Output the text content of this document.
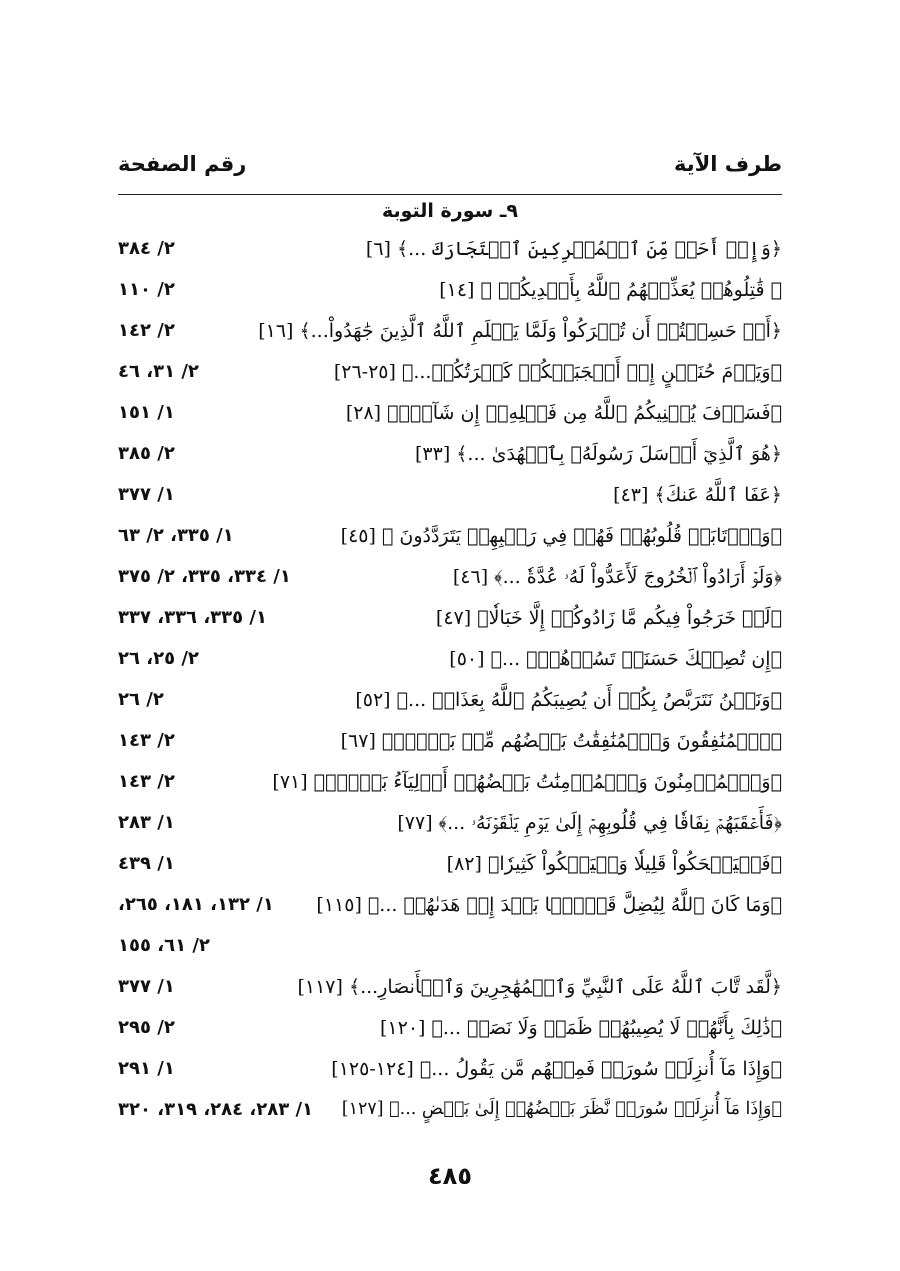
طرف الآية
رقم الصفحة
٩ـ سورة التوبة
﴿وَإِنۡ أَحَدٞ مِّنَ ٱلۡمُشۡرِكِينَ ٱسۡتَجَارَكَ ...﴾ [٦]
٢/ ٣٨٤
﴿ قَٰتِلُوهُمۡ يُعَذِّبۡهُمُ ٱللَّهُ بِأَيۡدِيكُمۡ ﴾ [١٤]
٢/ ١١٠
﴿أَمۡ حَسِبۡتُمۡ أَن تُتۡرَكُواْ وَلَمَّا يَعۡلَمِ ٱللَّهُ ٱلَّذِينَ جَٰهَدُواْ...﴾ [١٦]
٢/ ١٤٢
﴿وَيَوۡمَ حُنَيۡنٍ إِذۡ أَعۡجَبَتۡكُمۡ كَثۡرَتُكُمۡ...﴾ [٢٥-٢٦]
٢/ ٣١، ٤٦
﴿فَسَوۡفَ يُغۡنِيكُمُ ٱللَّهُ مِن فَضۡلِهِۦٓ إِن شَآءَۚ﴾ [٢٨]
١/ ١٥١
﴿هُوَ ٱلَّذِيٓ أَرۡسَلَ رَسُولَهُۥ بِٱلۡهُدَىٰ ...﴾ [٣٣]
٢/ ٣٨٥
﴿عَفَا ٱللَّهُ عَنكَ﴾ [٤٣]
١/ ٣٧٧
﴿وَٱرۡتَابَتۡ قُلُوبُهُمۡ فَهُمۡ فِي رَيۡبِهِمۡ يَتَرَدَّدُونَ ﴾ [٤٥]
١/ ٣٣٥، ٢/ ٦٣
﴿وَلَوۡ أَرَادُواْ ٱلۡخُرُوجَ لَأَعَدُّواْ لَهُۥ عُدَّةٗ ...﴾ [٤٦]
١/ ٣٣٤، ٣٣٥، ٢/ ٣٧٥
﴿لَوۡ خَرَجُواْ فِيكُم مَّا زَادُوكُمۡ إِلَّا خَبَالٗا﴾ [٤٧]
١/ ٣٣٥، ٣٣٦، ٣٣٧
﴿إِن تُصِبۡكَ حَسَنَةٞ تَسُؤۡهُمۡۖ ...﴾ [٥٠]
٢/ ٢٥، ٢٦
﴿وَنَحۡنُ نَتَرَبَّصُ بِكُمۡ أَن يُصِيبَكُمُ ٱللَّهُ بِعَذَابٖ ...﴾ [٥٢]
٢/ ٢٦
﴿ٱلۡمُنَٰفِقُونَ وَٱلۡمُنَٰفِقَٰتُ بَعۡضُهُم مِّنۢ بَعۡضٖۚ﴾ [٦٧]
٢/ ١٤٣
﴿وَٱلۡمُؤۡمِنُونَ وَٱلۡمُؤۡمِنَٰتُ بَعۡضُهُمۡ أَوۡلِيَآءُ بَعۡضٖۚ﴾ [٧١]
٢/ ١٤٣
﴿فَأَعۡقَبَهُمۡ نِفَاقٗا فِي قُلُوبِهِمۡ إِلَىٰ يَوۡمِ يَلۡقَوۡنَهُۥ ...﴾ [٧٧]
١/ ٢٨٣
﴿فَلۡيَضۡحَكُواْ قَلِيلٗا وَلۡيَبۡكُواْ كَثِيرٗا﴾ [٨٢]
١/ ٤٣٩
﴿وَمَا كَانَ ٱللَّهُ لِيُضِلَّ قَوۡمَۢا بَعۡدَ إِذۡ هَدَىٰهُمۡ ...﴾ [١١٥]
١/ ١٣٢، ١٨١، ٢٦٥،
٢/ ٦١، ١٥٥
﴿لَّقَد تَّابَ ٱللَّهُ عَلَى ٱلنَّبِيِّ وَٱلۡمُهَٰجِرِينَ وَٱلۡأَنصَارِ...﴾ [١١٧]
١/ ٣٧٧
﴿ذَٰلِكَ بِأَنَّهُمۡ لَا يُصِيبُهُمۡ ظَمَأٞ وَلَا نَصَبٞ ...﴾ [١٢٠]
٢/ ٢٩٥
﴿وَإِذَا مَآ أُنزِلَتۡ سُورَةٞ فَمِنۡهُم مَّن يَقُولُ ...﴾ [١٢٤-١٢٥]
١/ ٢٩١
﴿وَإِذَا مَآ أُنزِلَتۡ سُورَةٞ نَّظَرَ بَعۡضُهُمۡ إِلَىٰ بَعۡضٍ ...﴾ [١٢٧]
١/ ٢٨٣، ٢٨٤، ٣١٩، ٣٢٠
٤٨٥
